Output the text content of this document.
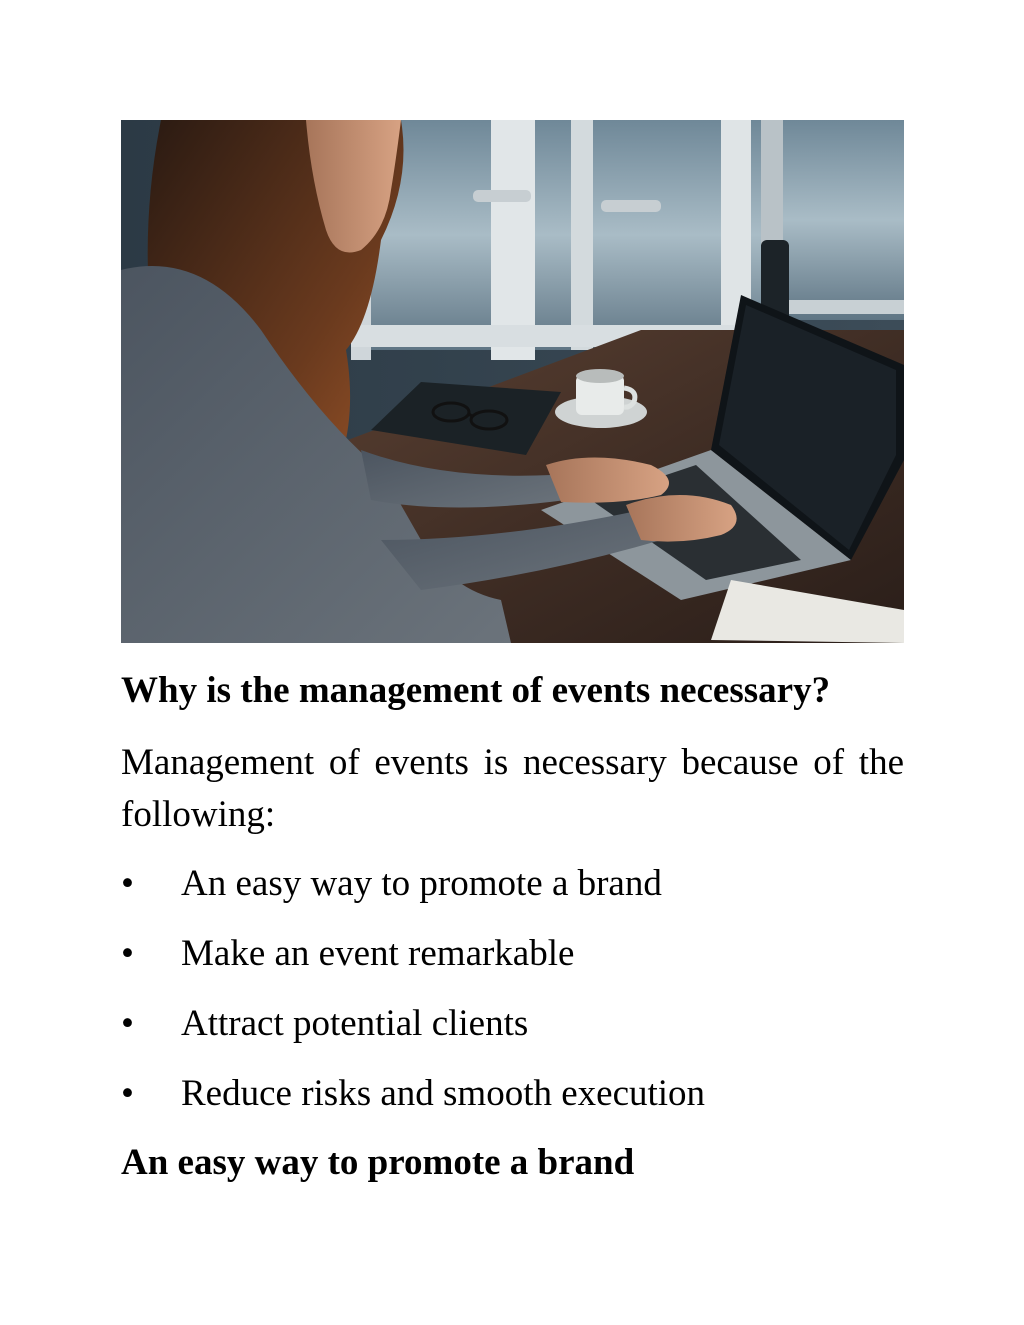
Why is the management of events necessary?

Management of events is necessary because of the following:

• An easy way to promote a brand
• Make an event remarkable
• Attract potential clients
• Reduce risks and smooth execution
An easy way to promote a brand
